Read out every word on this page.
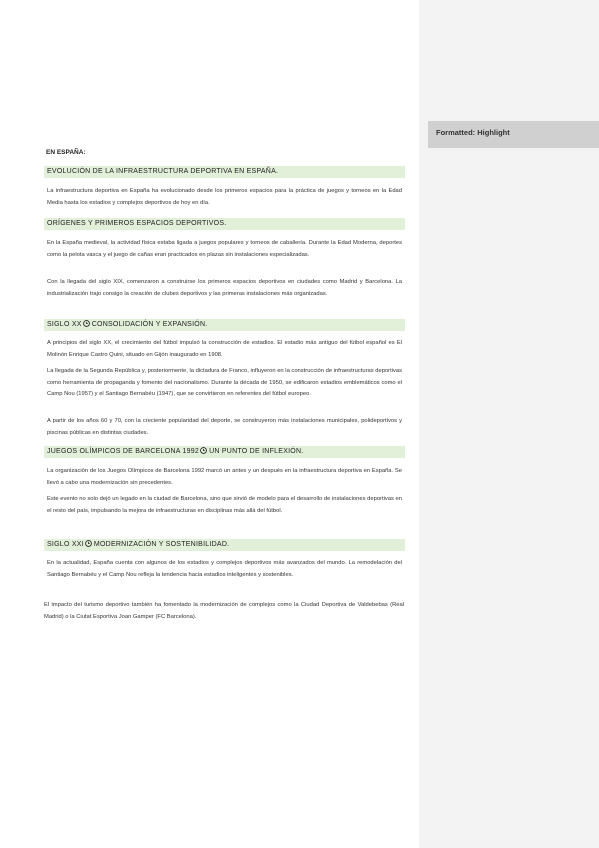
Formatted: Highlight
EN ESPAÑA:
EVOLUCIÓN DE LA INFRAESTRUCTURA DEPORTIVA EN ESPAÑA.

La infraestructura deportiva en España ha evolucionado desde los primeros espacios para la práctica de juegos y torneos en la Edad Media hasta los estadios y complejos deportivos de hoy en día.

ORÍGENES Y PRIMEROS ESPACIOS DEPORTIVOS.

En la España medieval, la actividad física estaba ligada a juegos populares y torneos de caballería. Durante la Edad Moderna, deportes como la pelota vasca y el juego de cañas eran practicados en plazas sin instalaciones especializadas.

Con la llegada del siglo XIX, comenzaron a construirse los primeros espacios deportivos en ciudades como Madrid y Barcelona. La industrialización trajo consigo la creación de clubes deportivos y las primeras instalaciones más organizadas.

SIGLO XX CONSOLIDACIÓN Y EXPANSIÓN.

A principios del siglo XX, el crecimiento del fútbol impulsó la construcción de estadios. El estadio más antiguo del fútbol español es El Molinón Enrique Castro Quini, situado en Gijón inaugurado en 1908.

La llegada de la Segunda República y, posteriormente, la dictadura de Franco, influyeron en la construcción de infraestructuras deportivas como herramienta de propaganda y fomento del nacionalismo. Durante la década de 1950, se edificaron estadios emblemáticos como el Camp Nou (1957) y el Santiago Bernabéu (1947), que se convirtieron en referentes del fútbol europeo.

A partir de los años 60 y 70, con la creciente popularidad del deporte, se construyeron más instalaciones municipales, polideportivos y piscinas públicas en distintas ciudades.

JUEGOS OLÍMPICOS DE BARCELONA 1992 UN PUNTO DE INFLEXIÓN.

La organización de los Juegos Olímpicos de Barcelona 1992 marcó un antes y un después en la infraestructura deportiva en España. Se llevó a cabo una modernización sin precedentes.

Este evento no solo dejó un legado en la ciudad de Barcelona, sino que sirvió de modelo para el desarrollo de instalaciones deportivas en el resto del país, impulsando la mejora de infraestructuras en disciplinas más allá del fútbol.

SIGLO XXI MODERNIZACIÓN Y SOSTENIBILIDAD.

En la actualidad, España cuenta con algunos de los estadios y complejos deportivos más avanzados del mundo. La remodelación del Santiago Bernabéu y el Camp Nou refleja la tendencia hacia estadios inteligentes y sostenibles.

El impacto del turismo deportivo también ha fomentado la modernización de complejos como la Ciudad Deportiva de Valdebebas (Real Madrid) o la Ciutat Esportiva Joan Gamper (FC Barcelona).
